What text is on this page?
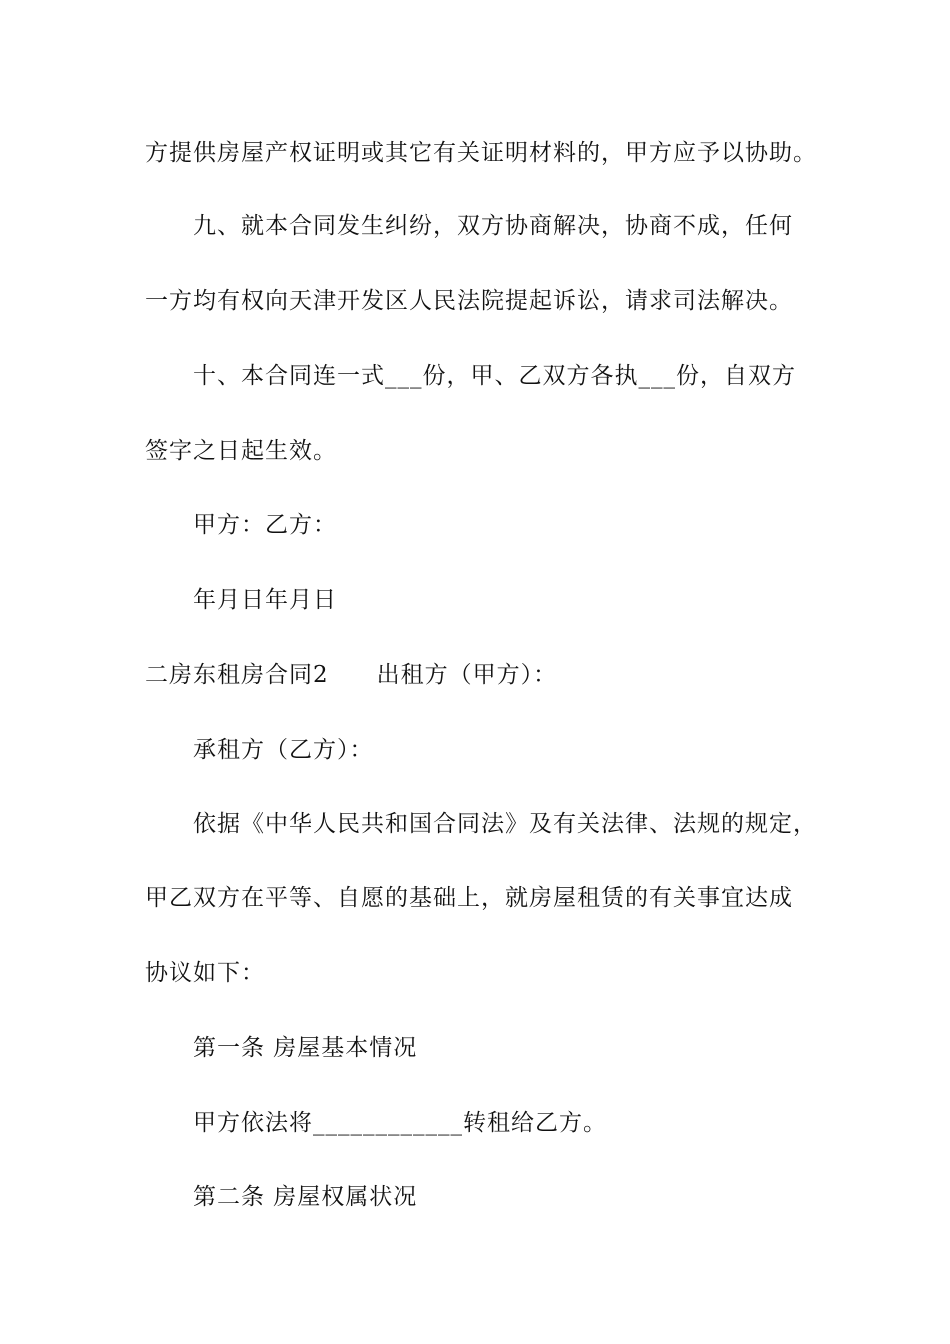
方提供房屋产权证明或其它有关证明材料的，甲方应予以协助。
九、就本合同发生纠纷，双方协商解决，协商不成，任何
一方均有权向天津开发区人民法院提起诉讼，请求司法解决。
十、本合同连一式___份，甲、乙双方各执___份，自双方
签字之日起生效。
甲方：乙方：
年月日年月日
二房东租房合同2　　出租方（甲方）：
承租方（乙方）：
依据《中华人民共和国合同法》及有关法律、法规的规定，
甲乙双方在平等、自愿的基础上，就房屋租赁的有关事宜达成
协议如下：
第一条 房屋基本情况
甲方依法将____________转租给乙方。
第二条 房屋权属状况
